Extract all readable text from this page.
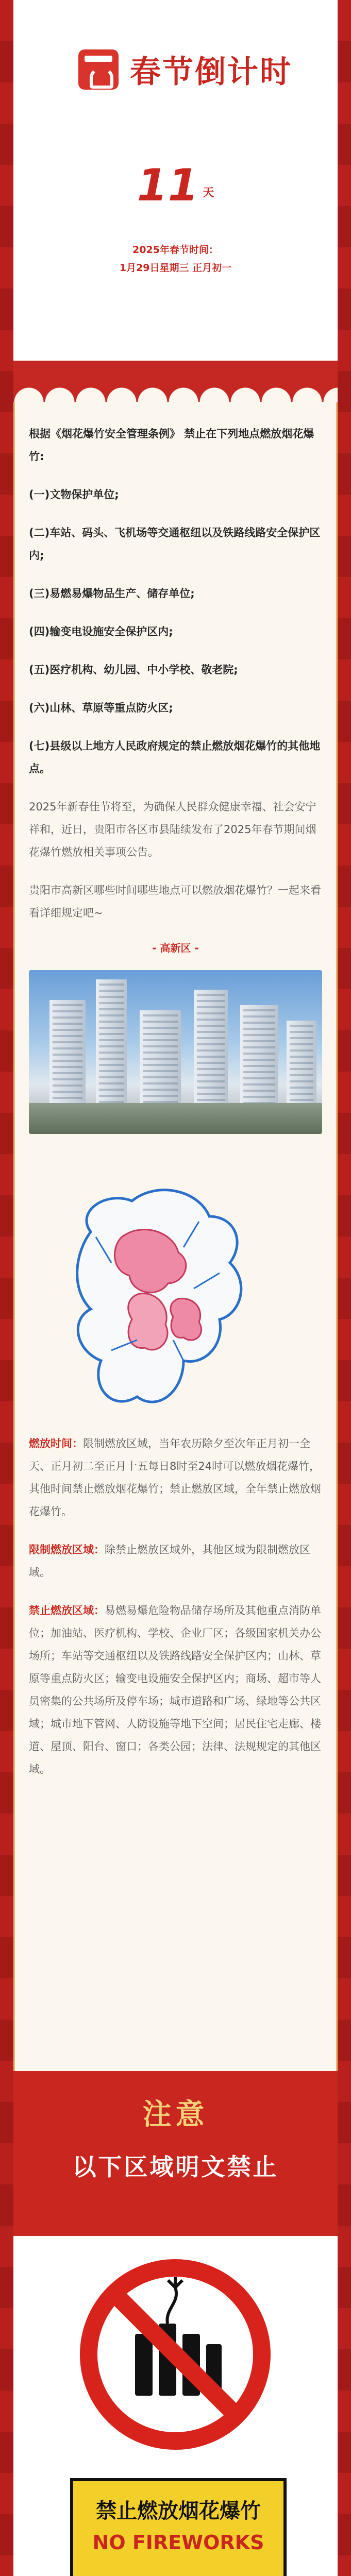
春节倒计时
11 天
2025年春节时间：
1月29日星期三 正月初一

根据《烟花爆竹安全管理条例》 禁止在下列地点燃放烟花爆竹:

(一)文物保护单位;

(二)车站、码头、飞机场等交通枢纽以及铁路线路安全保护区内;

(三)易燃易爆物品生产、储存单位;

(四)输变电设施安全保护区内;

(五)医疗机构、幼儿园、中小学校、敬老院;

(六)山林、草原等重点防火区;

(七)县级以上地方人民政府规定的禁止燃放烟花爆竹的其他地点。

2025年新春佳节将至，为确保人民群众健康幸福、社会安宁祥和，近日，贵阳市各区市县陆续发布了2025年春节期间烟花爆竹燃放相关事项公告。

贵阳市高新区哪些时间哪些地点可以燃放烟花爆竹？一起来看看详细规定吧~

- 高新区 -

燃放时间：限制燃放区域，当年农历除夕至次年正月初一全天、正月初二至正月十五每日8时至24时可以燃放烟花爆竹，其他时间禁止燃放烟花爆竹；禁止燃放区域，全年禁止燃放烟花爆竹。

限制燃放区域：除禁止燃放区域外，其他区域为限制燃放区域。

禁止燃放区域：易燃易爆危险物品储存场所及其他重点消防单位；加油站、医疗机构、学校、企业厂区；各级国家机关办公场所；车站等交通枢纽以及铁路线路安全保护区内；山林、草原等重点防火区；输变电设施安全保护区内；商场、超市等人员密集的公共场所及停车场；城市道路和广场、绿地等公共区域；城市地下管网、人防设施等地下空间；居民住宅走廊、楼道、屋顶、阳台、窗口；各类公园；法律、法规规定的其他区域。

注意
以下区域明文禁止
禁止燃放烟花爆竹
NO FIREWORKS
